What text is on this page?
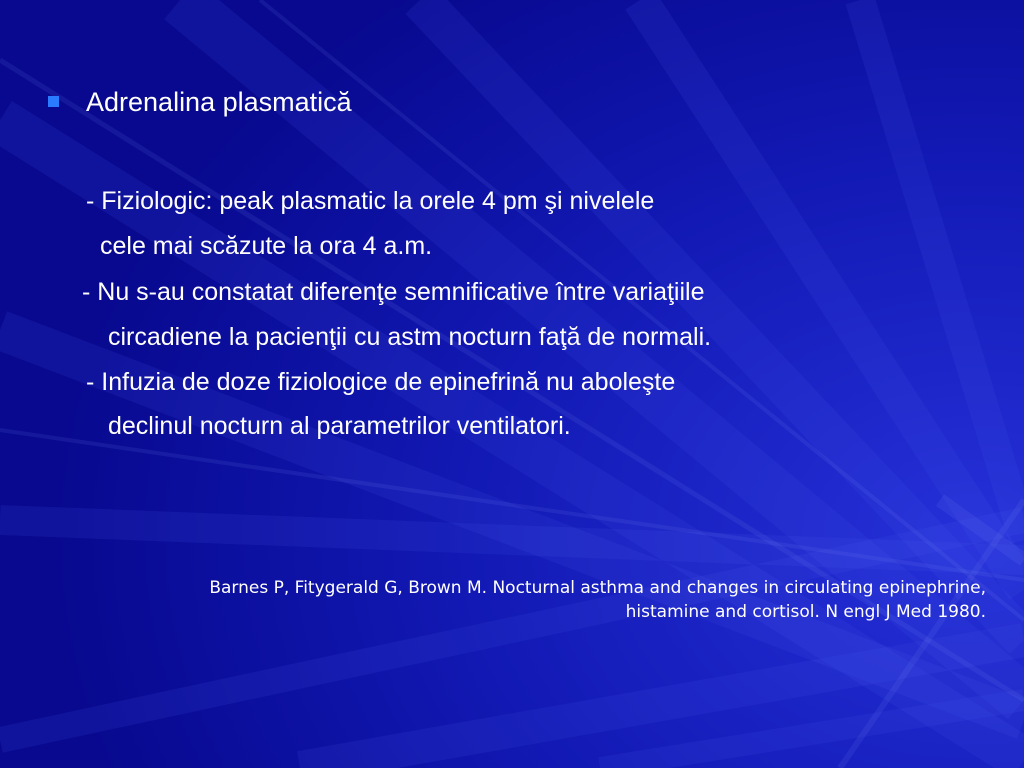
Adrenalina plasmatică
- Fiziologic: peak plasmatic la orele 4 pm şi nivelele
cele mai scăzute la ora 4 a.m.
- Nu s-au constatat diferenţe semnificative între variaţiile
circadiene la pacienţii cu astm nocturn faţă de normali.
- Infuzia de doze fiziologice de epinefrină nu aboleşte
declinul nocturn al parametrilor ventilatori.
Barnes P, Fitygerald G, Brown M. Nocturnal asthma and changes in circulating epinephrine,
histamine and cortisol. N engl J Med 1980.
